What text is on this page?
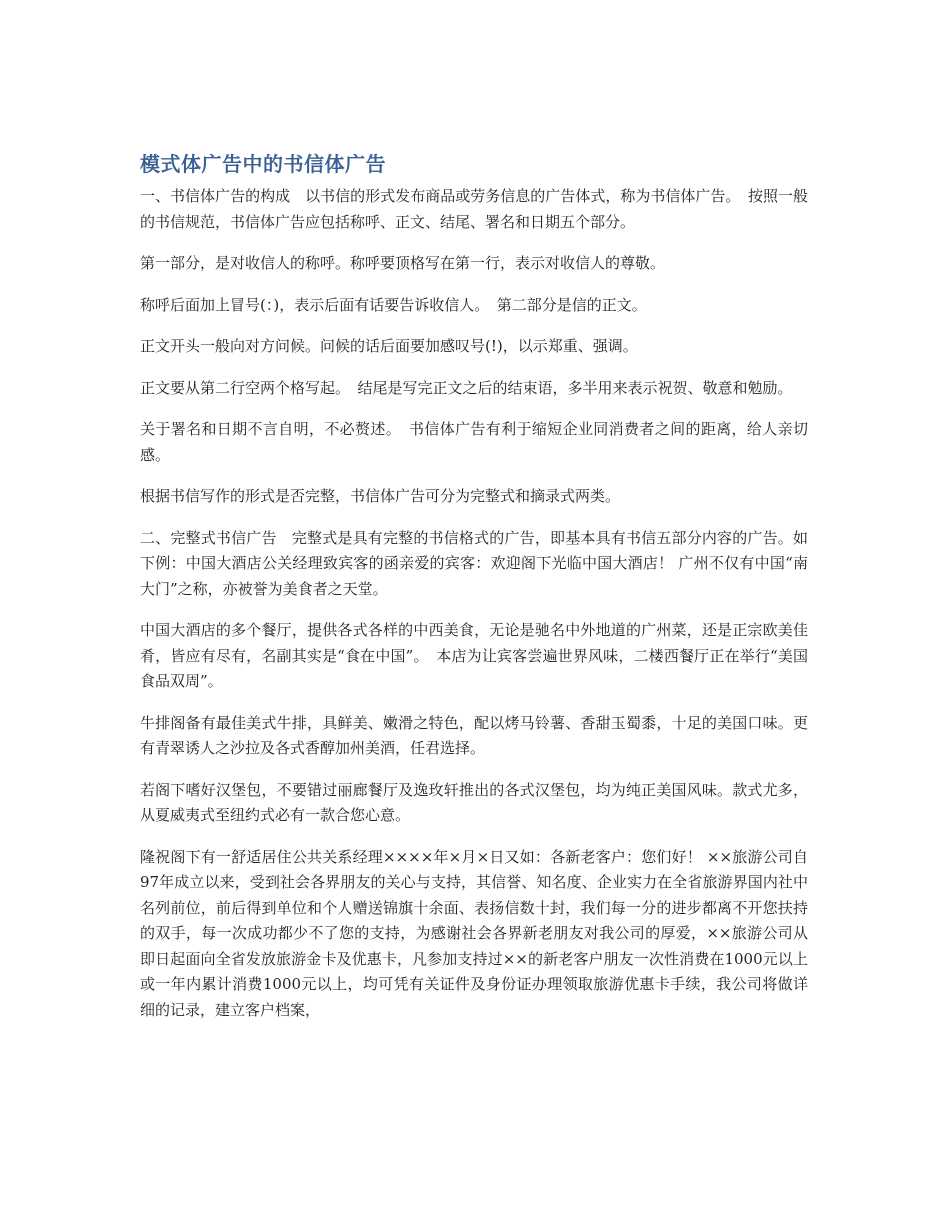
模式体广告中的书信体广告

一、书信体广告的构成　以书信的形式发布商品或劳务信息的广告体式，称为书信体广告。　按照一般的书信规范，书信体广告应包括称呼、正文、结尾、署名和日期五个部分。

第一部分，是对收信人的称呼。称呼要顶格写在第一行，表示对收信人的尊敬。

称呼后面加上冒号(：)，表示后面有话要告诉收信人。　第二部分是信的正文。

正文开头一般向对方问候。问候的话后面要加感叹号(!)，以示郑重、强调。

正文要从第二行空两个格写起。　结尾是写完正文之后的结束语，多半用来表示祝贺、敬意和勉励。

关于署名和日期不言自明，不必赘述。　书信体广告有利于缩短企业同消费者之间的距离，给人亲切感。

根据书信写作的形式是否完整，书信体广告可分为完整式和摘录式两类。

二、完整式书信广告　完整式是具有完整的书信格式的广告，即基本具有书信五部分内容的广告。如下例：中国大酒店公关经理致宾客的函亲爱的宾客：欢迎阁下光临中国大酒店！ 广州不仅有中国“南大门”之称，亦被誉为美食者之天堂。

中国大酒店的多个餐厅，提供各式各样的中西美食，无论是驰名中外地道的广州菜，还是正宗欧美佳肴，皆应有尽有，名副其实是“食在中国”。　本店为让宾客尝遍世界风味，二楼西餐厅正在举行“美国食品双周”。

牛排阁备有最佳美式牛排，具鲜美、嫩滑之特色，配以烤马铃薯、香甜玉蜀黍，十足的美国口味。更有青翠诱人之沙拉及各式香醇加州美酒，任君选择。

若阁下嗜好汉堡包，不要错过丽廊餐厅及逸玫轩推出的各式汉堡包，均为纯正美国风味。款式尤多，从夏威夷式至纽约式必有一款合您心意。

隆祝阁下有一舒适居住公共关系经理××××年×月×日又如：各新老客户：您们好！ ××旅游公司自97年成立以来，受到社会各界朋友的关心与支持，其信誉、知名度、企业实力在全省旅游界国内社中名列前位，前后得到单位和个人赠送锦旗十余面、表扬信数十封，我们每一分的进步都离不开您扶持的双手，每一次成功都少不了您的支持，为感谢社会各界新老朋友对我公司的厚爱，××旅游公司从即日起面向全省发放旅游金卡及优惠卡，凡参加支持过××的新老客户朋友一次性消费在1000元以上或一年内累计消费1000元以上，均可凭有关证件及身份证办理领取旅游优惠卡手续，我公司将做详细的记录，建立客户档案，
